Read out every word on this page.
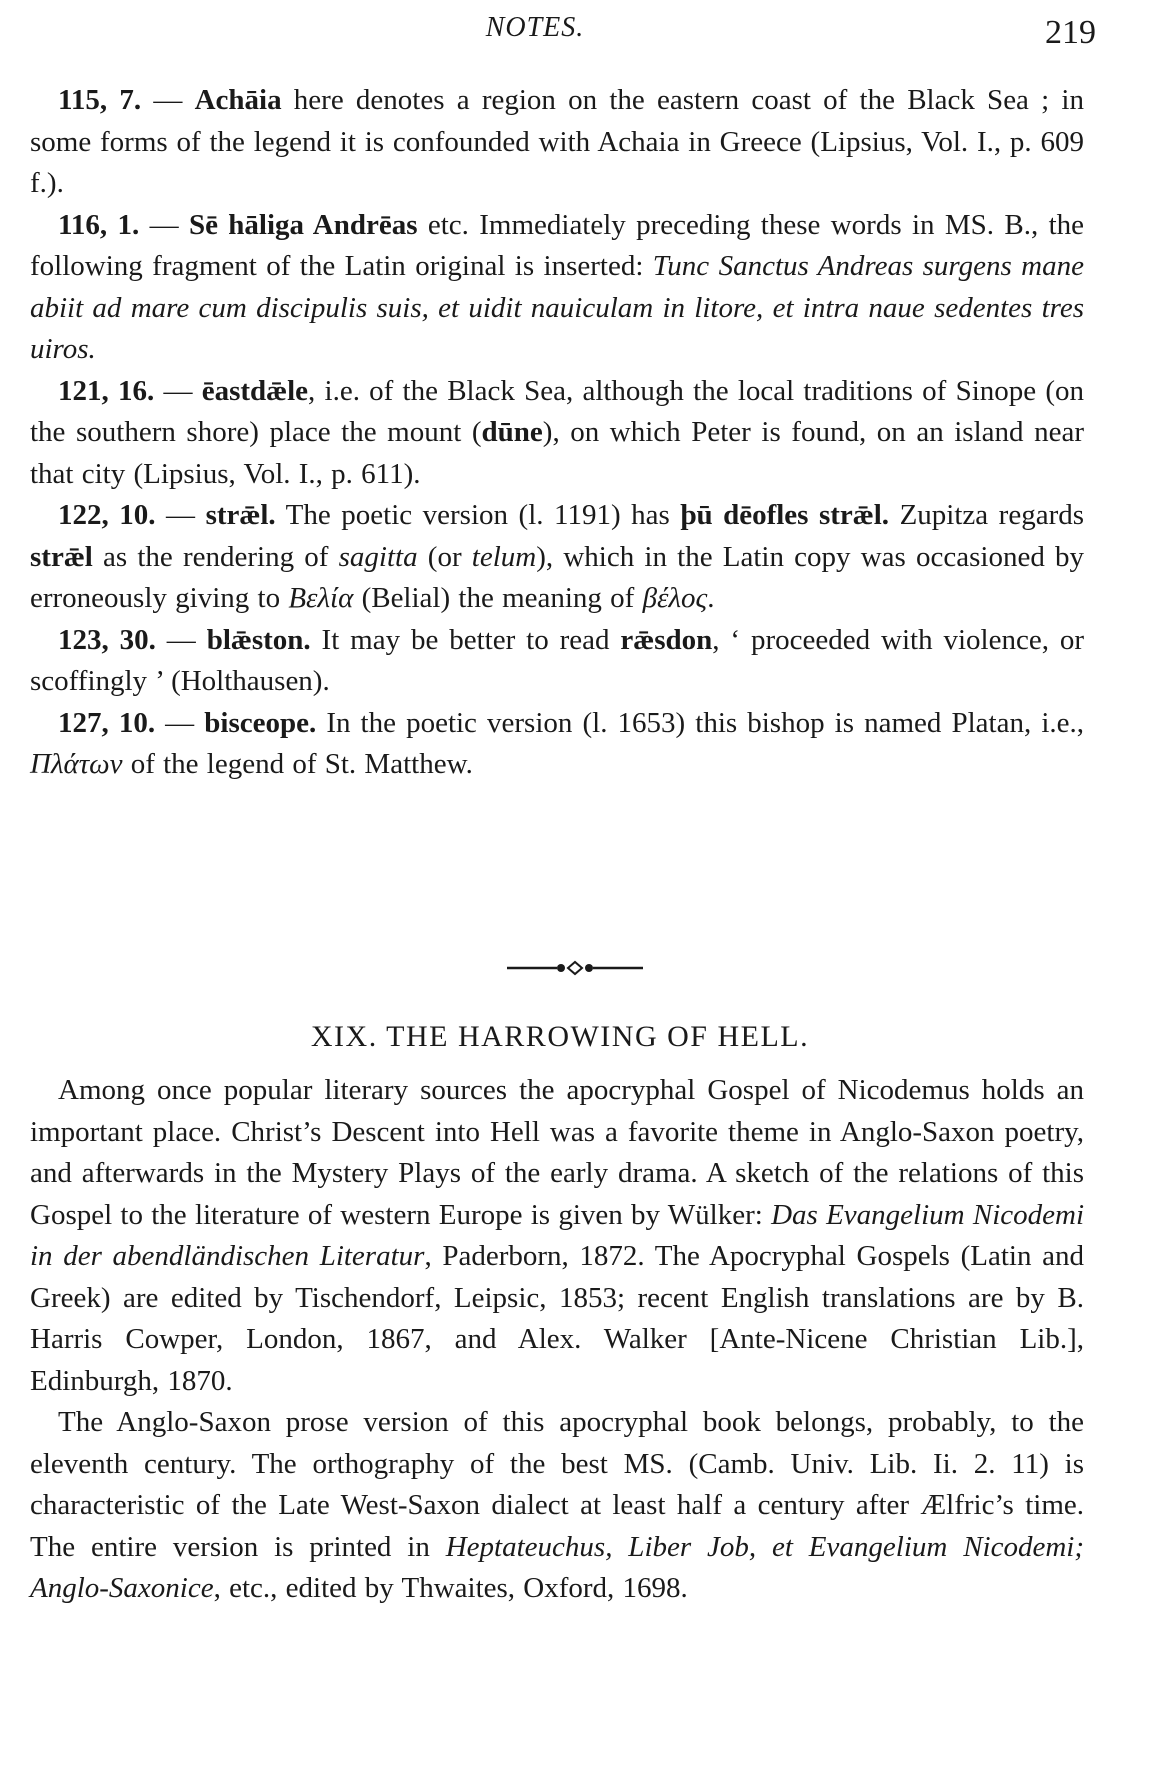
NOTES.	219

115, 7. — Achāia here denotes a region on the eastern coast of the Black Sea ; in some forms of the legend it is confounded with Achaia in Greece (Lipsius, Vol. I., p. 609 f.).

116, 1. — Sē hāliga Andrēas etc. Immediately preceding these words in MS. B., the following fragment of the Latin original is inserted: Tunc Sanctus Andreas surgens mane abiit ad mare cum discipulis suis, et uidit nauiculam in litore, et intra naue sedentes tres uiros.

121, 16. — ēastdǣle, i.e. of the Black Sea, although the local traditions of Sinope (on the southern shore) place the mount (dūne), on which Peter is found, on an island near that city (Lipsius, Vol. I., p. 611).

122, 10. — strǣl. The poetic version (l. 1191) has þū dēofles strǣl. Zupitza regards strǣl as the rendering of sagitta (or telum), which in the Latin copy was occasioned by erroneously giving to Βελία (Belial) the meaning of βέλος.

123, 30. — blǣston. It may be better to read rǣsdon, ‘ proceeded with violence, or scoffingly ’ (Holthausen).

127, 10. — bisceope. In the poetic version (l. 1653) this bishop is named Platan, i.e., Πλάτων of the legend of St. Matthew.

XIX. THE HARROWING OF HELL.

Among once popular literary sources the apocryphal Gospel of Nicodemus holds an important place. Christ’s Descent into Hell was a favorite theme in Anglo-Saxon poetry, and afterwards in the Mystery Plays of the early drama. A sketch of the relations of this Gospel to the literature of western Europe is given by Wülker: Das Evangelium Nicodemi in der abendländischen Literatur, Paderborn, 1872. The Apocryphal Gospels (Latin and Greek) are edited by Tischendorf, Leipsic, 1853; recent English translations are by B. Harris Cowper, London, 1867, and Alex. Walker [Ante-Nicene Christian Lib.], Edinburgh, 1870.

The Anglo-Saxon prose version of this apocryphal book belongs, probably, to the eleventh century. The orthography of the best MS. (Camb. Univ. Lib. Ii. 2. 11) is characteristic of the Late West-Saxon dialect at least half a century after Ælfric’s time. The entire version is printed in Heptateuchus, Liber Job, et Evangelium Nicodemi; Anglo-Saxonice, etc., edited by Thwaites, Oxford, 1698.
